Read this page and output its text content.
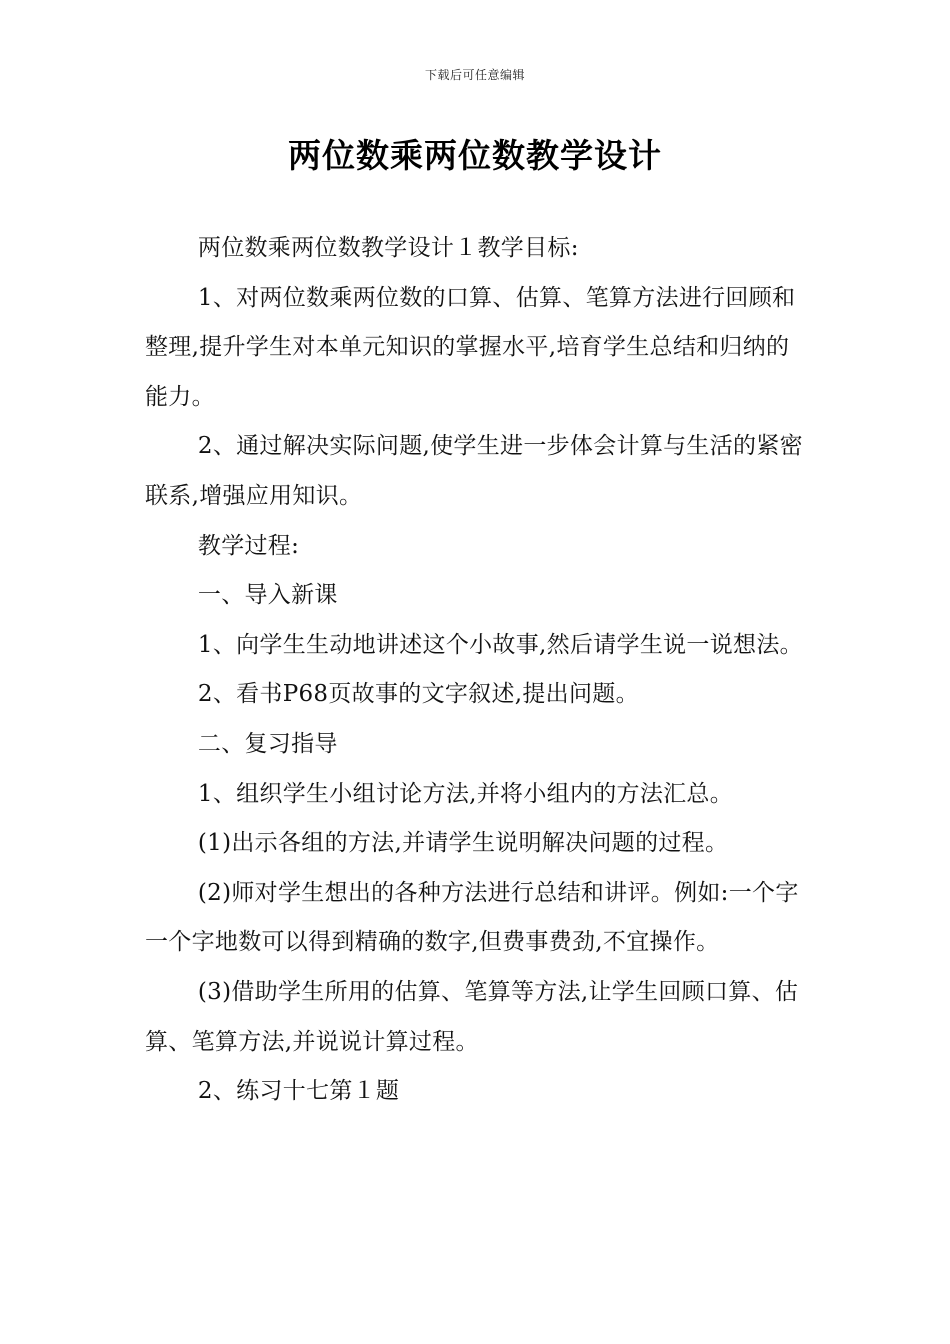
下载后可任意编辑
两位数乘两位数教学设计

两位数乘两位数教学设计１教学目标:

1、对两位数乘两位数的口算、估算、笔算方法进行回顾和整理,提升学生对本单元知识的掌握水平,培育学生总结和归纳的能力。

2、通过解决实际问题,使学生进一步体会计算与生活的紧密联系,增强应用知识。

教学过程:

一、导入新课

1、向学生生动地讲述这个小故事,然后请学生说一说想法。

2、看书P68页故事的文字叙述,提出问题。

二、复习指导

1、组织学生小组讨论方法,并将小组内的方法汇总。

(1)出示各组的方法,并请学生说明解决问题的过程。

(2)师对学生想出的各种方法进行总结和讲评。例如:一个字一个字地数可以得到精确的数字,但费事费劲,不宜操作。

(3)借助学生所用的估算、笔算等方法,让学生回顾口算、估算、笔算方法,并说说计算过程。

2、练习十七第１题
